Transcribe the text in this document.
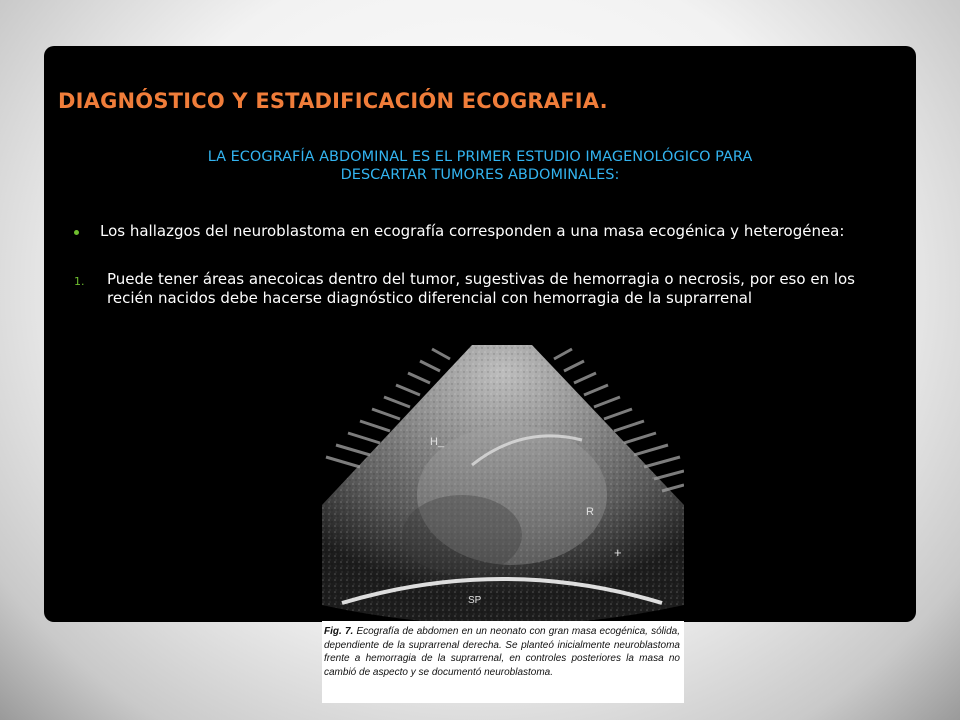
DIAGNÓSTICO Y ESTADIFICACIÓN ECOGRAFIA.
LA ECOGRAFÍA ABDOMINAL ES EL PRIMER ESTUDIO IMAGENOLÓGICO PARA
DESCARTAR TUMORES ABDOMINALES:
Los hallazgos del neuroblastoma en ecografía corresponden a una masa ecogénica y heterogénea:
1. Puede tener áreas anecoicas dentro del tumor, sugestivas de hemorragia o necrosis, por eso en los recién nacidos debe hacerse diagnóstico diferencial con hemorragia de la suprarrenal
H_
R
+
SP
Fig. 7. Ecografía de abdomen en un neonato con gran masa ecogénica, sólida, dependiente de la suprarrenal derecha. Se planteó inicialmente neuroblastoma frente a hemorragia de la suprarrenal, en controles posteriores la masa no cambió de aspecto y se documentó neuroblastoma.
